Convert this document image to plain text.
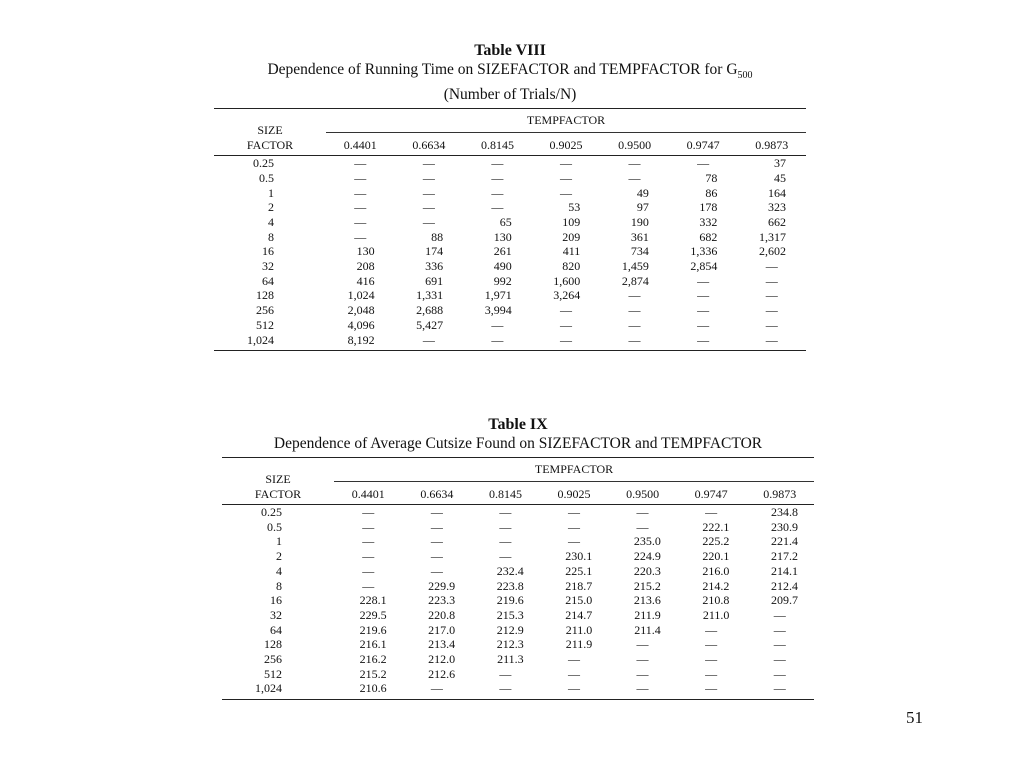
Table VIII
Dependence of Running Time on SIZEFACTOR and TEMPFACTOR for $G_{500}$
(Number of Trials/N)
SIZE
FACTOR
TEMPFACTOR
0.4401	0.6634	0.8145	0.9025	0.9500	0.9747	0.9873
0.25	—	—	—	—	—	—	37
0.5	—	—	—	—	—	78	45
1	—	—	—	—	49	86	164
2	—	—	—	53	97	178	323
4	—	—	65	109	190	332	662
8	—	88	130	209	361	682	1,317
16	130	174	261	411	734	1,336	2,602
32	208	336	490	820	1,459	2,854	—
64	416	691	992	1,600	2,874	—	—
128	1,024	1,331	1,971	3,264	—	—	—
256	2,048	2,688	3,994	—	—	—	—
512	4,096	5,427	—	—	—	—	—
1,024	8,192	—	—	—	—	—	—
Table IX
Dependence of Average Cutsize Found on SIZEFACTOR and TEMPFACTOR
SIZE
FACTOR
TEMPFACTOR
0.4401	0.6634	0.8145	0.9025	0.9500	0.9747	0.9873
0.25	—	—	—	—	—	—	234.8
0.5	—	—	—	—	—	222.1	230.9
1	—	—	—	—	235.0	225.2	221.4
2	—	—	—	230.1	224.9	220.1	217.2
4	—	—	232.4	225.1	220.3	216.0	214.1
8	—	229.9	223.8	218.7	215.2	214.2	212.4
16	228.1	223.3	219.6	215.0	213.6	210.8	209.7
32	229.5	220.8	215.3	214.7	211.9	211.0	—
64	219.6	217.0	212.9	211.0	211.4	—	—
128	216.1	213.4	212.3	211.9	—	—	—
256	216.2	212.0	211.3	—	—	—	—
512	215.2	212.6	—	—	—	—	—
1,024	210.6	—	—	—	—	—	—
51
